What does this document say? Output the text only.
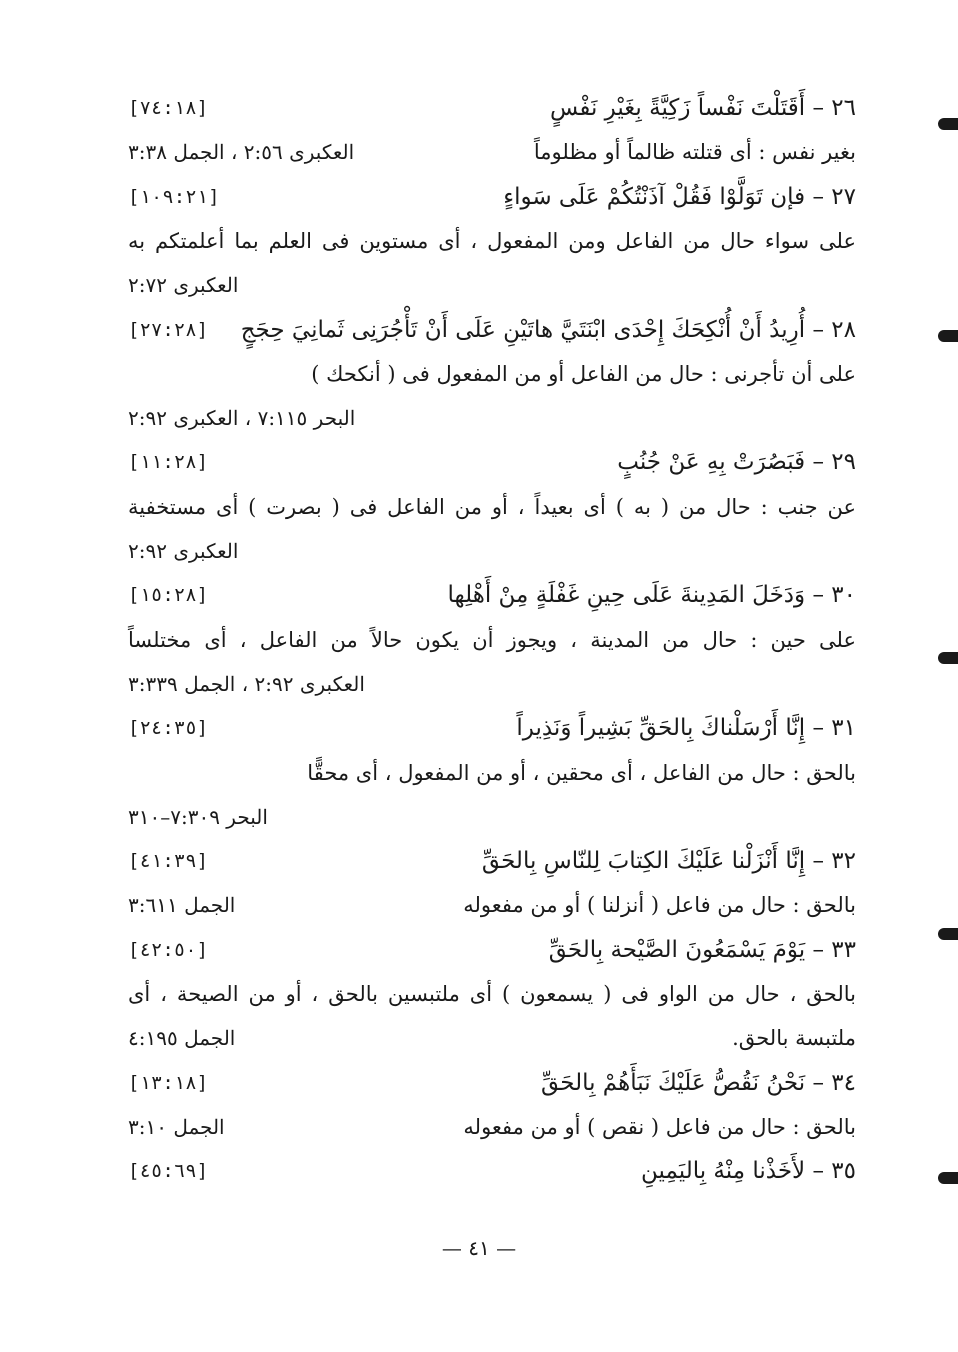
٢٦ – أَقَتَلْتَ نَفْساً زَكِيَّةً بِغَيْرِ نَفْسٍ
[٧٤:١٨]
بغير نفس : أى قتلته ظالماً أو مظلوماً
العكبرى ٢:٥٦ ، الجمل ٣:٣٨
٢٧ – فإن تَوَلَّوْا فَقُلْ آذَنْتُكُمْ عَلَى سَواءٍ
[١٠٩:٢١]
على سواء حال من الفاعل ومن المفعول ، أى مستوين فى العلم بما أعلمتكم به
العكبرى ٢:٧٢
٢٨ – أُرِيدُ أَنْ أُنْكِحَكَ إِحْدَى ابْنَتَيَّ هاتَيْنِ عَلَى أَنْ تَأْجُرَنِى ثَمانِيَ حِجَجٍ
[٢٧:٢٨]
على أن تأجرنى : حال من الفاعل أو من المفعول فى ( أنكحك )
البحر ٧:١١٥ ، العكبرى ٢:٩٢
٢٩ – فَبَصُرَتْ بِهِ عَنْ جُنُبٍ
[١١:٢٨]
عن جنب : حال من ( به ) أى بعيداً ، أو من الفاعل فى ( بصرت ) أى مستخفية
العكبرى ٢:٩٢
٣٠ – وَدَخَلَ المَدِينةَ عَلَى حِينِ غَفْلَةٍ مِنْ أَهْلِها
[١٥:٢٨]
على حين : حال من المدينة ، ويجوز أن يكون حالاً من الفاعل ، أى مختلساً
العكبرى ٢:٩٢ ، الجمل ٣:٣٣٩
٣١ – إِنَّا أَرْسَلْناكَ بِالحَقِّ بَشِيراً وَنَذِيراً
[٢٤:٣٥]
بالحق : حال من الفاعل ، أى محقين ، أو من المفعول ، أى محقًّا
البحر ٧:٣٠٩–٣١٠
٣٢ – إِنَّا أَنْزَلْنا عَلَيْكَ الكِتابَ لِلنّاسِ بِالحَقِّ
[٤١:٣٩]
بالحق : حال من فاعل ( أنزلنا ) أو من مفعوله
الجمل ٣:٦١١
٣٣ – يَوْمَ يَسْمَعُونَ الصَّيْحة بِالحَقِّ
[٤٢:٥٠]
بالحق ، حال من الواو فى ( يسمعون ) أى ملتبسين بالحق ، أو من الصيحة ، أى
ملتبسة بالحق.
الجمل ٤:١٩٥
٣٤ – نَحْنُ نَقُصُّ عَلَيْكَ نَبَأَهُمْ بِالحَقِّ
[١٣:١٨]
بالحق : حال من فاعل ( نقص ) أو من مفعوله
الجمل ٣:١٠
٣٥ – لأَخَذْنا مِنْهُ بِاليَمِينِ
[٤٥:٦٩]
— ٤١ —
